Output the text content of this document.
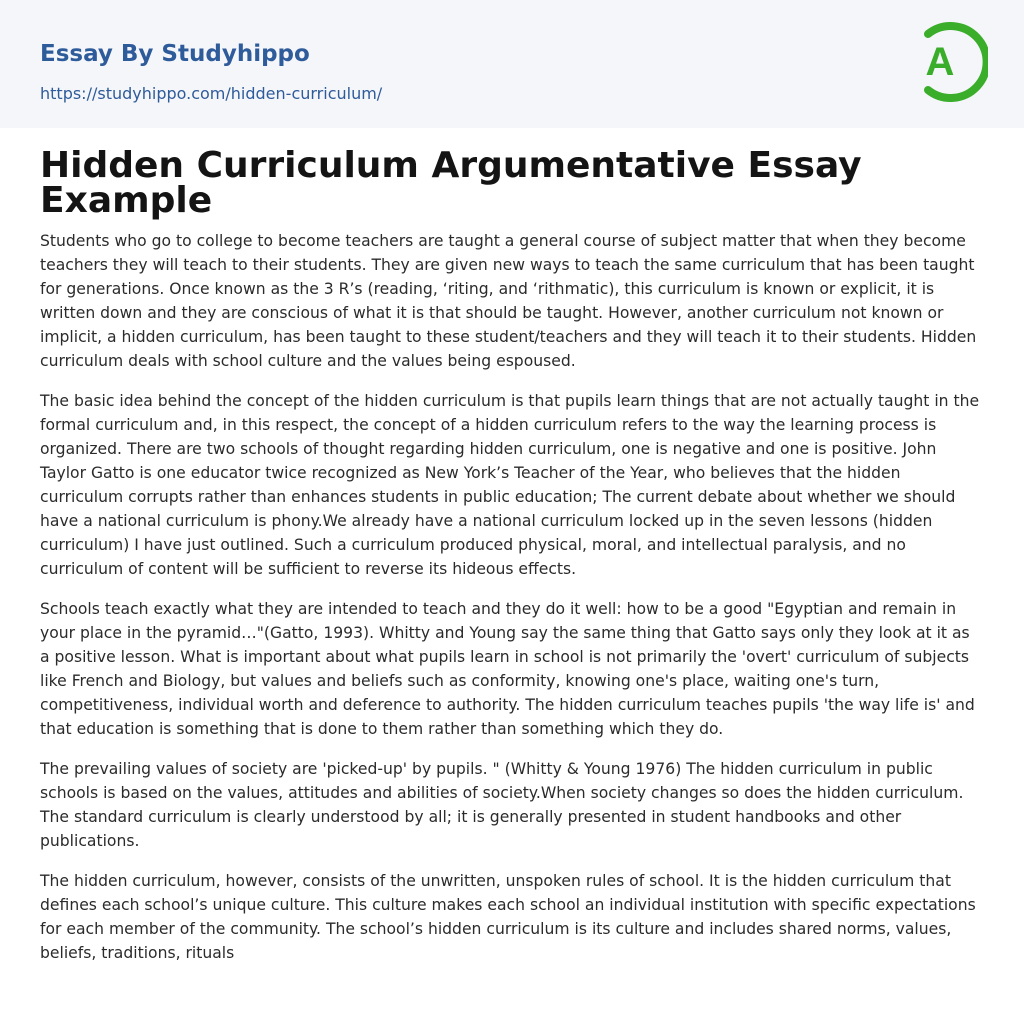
Essay By Studyhippo
https://studyhippo.com/hidden-curriculum/
A
Hidden Curriculum Argumentative Essay Example

Students who go to college to become teachers are taught a general course of subject matter that when they become teachers they will teach to their students. They are given new ways to teach the same curriculum that has been taught for generations. Once known as the 3 R’s (reading, ‘riting, and ‘rithmatic), this curriculum is known or explicit, it is written down and they are conscious of what it is that should be taught. However, another curriculum not known or implicit, a hidden curriculum, has been taught to these student/teachers and they will teach it to their students. Hidden curriculum deals with school culture and the values being espoused.

The basic idea behind the concept of the hidden curriculum is that pupils learn things that are not actually taught in the formal curriculum and, in this respect, the concept of a hidden curriculum refers to the way the learning process is organized. There are two schools of thought regarding hidden curriculum, one is negative and one is positive. John Taylor Gatto is one educator twice recognized as New York’s Teacher of the Year, who believes that the hidden curriculum corrupts rather than enhances students in public education; The current debate about whether we should have a national curriculum is phony.We already have a national curriculum locked up in the seven lessons (hidden curriculum) I have just outlined. Such a curriculum produced physical, moral, and intellectual paralysis, and no curriculum of content will be sufficient to reverse its hideous effects.

Schools teach exactly what they are intended to teach and they do it well: how to be a good "Egyptian and remain in your place in the pyramid…"(Gatto, 1993). Whitty and Young say the same thing that Gatto says only they look at it as a positive lesson. What is important about what pupils learn in school is not primarily the 'overt' curriculum of subjects like French and Biology, but values and beliefs such as conformity, knowing one's place, waiting one's turn, competitiveness, individual worth and deference to authority. The hidden curriculum teaches pupils 'the way life is' and that education is something that is done to them rather than something which they do.

The prevailing values of society are 'picked-up' by pupils. " (Whitty & Young 1976) The hidden curriculum in public schools is based on the values, attitudes and abilities of society.When society changes so does the hidden curriculum. The standard curriculum is clearly understood by all; it is generally presented in student handbooks and other publications.

The hidden curriculum, however, consists of the unwritten, unspoken rules of school. It is the hidden curriculum that defines each school’s unique culture. This culture makes each school an individual institution with specific expectations for each member of the community. The school’s hidden curriculum is its culture and includes shared norms, values, beliefs, traditions, rituals
